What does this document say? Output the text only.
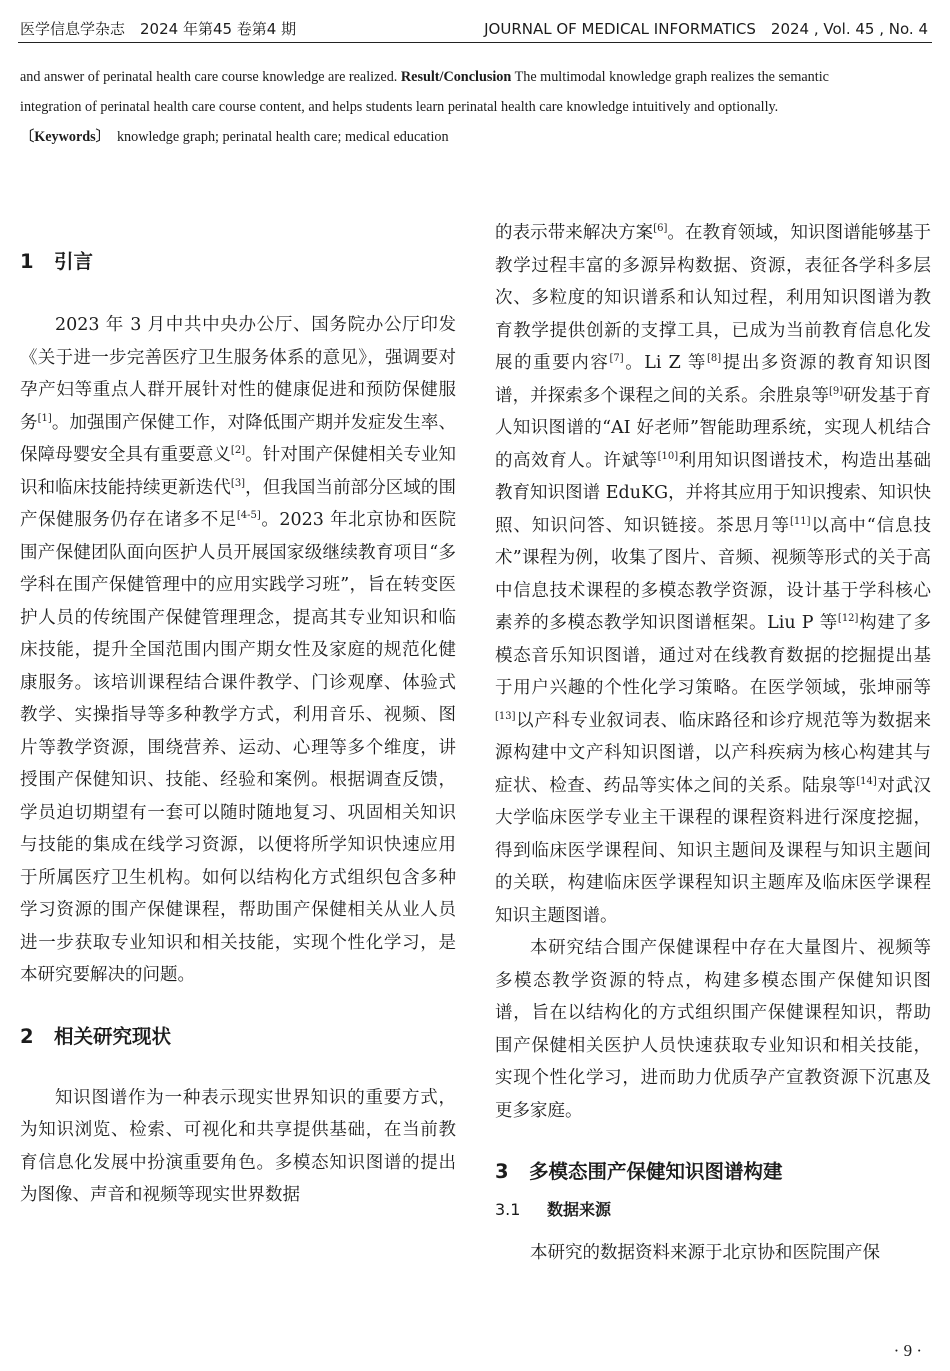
医学信息学杂志　2024 年第45 卷第4 期	JOURNAL OF MEDICAL INFORMATICS　2024 , Vol. 45 , No. 4
and answer of perinatal health care course knowledge are realized. Result/Conclusion The multimodal knowledge graph realizes the semantic
integration of perinatal health care course content, and helps students learn perinatal health care knowledge intuitively and optionally.
〔Keywords〕　knowledge graph; perinatal health care; medical education
1 引言

2023 年 3 月中共中央办公厅、国务院办公厅印发《关于进一步完善医疗卫生服务体系的意见》，强调要对孕产妇等重点人群开展针对性的健康促进和预防保健服务[1]。加强围产保健工作，对降低围产期并发症发生率、保障母婴安全具有重要意义[2]。针对围产保健相关专业知识和临床技能持续更新迭代[3]，但我国当前部分区域的围产保健服务仍存在诸多不足[4-5]。2023 年北京协和医院围产保健团队面向医护人员开展国家级继续教育项目“多学科在围产保健管理中的应用实践学习班”，旨在转变医护人员的传统围产保健管理理念，提高其专业知识和临床技能，提升全国范围内围产期女性及家庭的规范化健康服务。该培训课程结合课件教学、门诊观摩、体验式教学、实操指导等多种教学方式，利用音乐、视频、图片等教学资源，围绕营养、运动、心理等多个维度，讲授围产保健知识、技能、经验和案例。根据调查反馈，学员迫切期望有一套可以随时随地复习、巩固相关知识与技能的集成在线学习资源，以便将所学知识快速应用于所属医疗卫生机构。如何以结构化方式组织包含多种学习资源的围产保健课程，帮助围产保健相关从业人员进一步获取专业知识和相关技能，实现个性化学习，是本研究要解决的问题。

2 相关研究现状

知识图谱作为一种表示现实世界知识的重要方式，为知识浏览、检索、可视化和共享提供基础，在当前教育信息化发展中扮演重要角色。多模态知识图谱的提出为图像、声音和视频等现实世界数据

的表示带来解决方案[6]。在教育领域，知识图谱能够基于教学过程丰富的多源异构数据、资源，表征各学科多层次、多粒度的知识谱系和认知过程，利用知识图谱为教育教学提供创新的支撑工具，已成为当前教育信息化发展的重要内容[7]。Li Z 等[8]提出多资源的教育知识图谱，并探索多个课程之间的关系。余胜泉等[9]研发基于育人知识图谱的“AI 好老师”智能助理系统，实现人机结合的高效育人。许斌等[10]利用知识图谱技术，构造出基础教育知识图谱 EduKG，并将其应用于知识搜索、知识快照、知识问答、知识链接。茶思月等[11]以高中“信息技术”课程为例，收集了图片、音频、视频等形式的关于高中信息技术课程的多模态教学资源，设计基于学科核心素养的多模态教学知识图谱框架。Liu P 等[12]构建了多模态音乐知识图谱，通过对在线教育数据的挖掘提出基于用户兴趣的个性化学习策略。在医学领域，张坤丽等[13]以产科专业叙词表、临床路径和诊疗规范等为数据来源构建中文产科知识图谱，以产科疾病为核心构建其与症状、检查、药品等实体之间的关系。陆泉等[14]对武汉大学临床医学专业主干课程的课程资料进行深度挖掘，得到临床医学课程间、知识主题间及课程与知识主题间的关联，构建临床医学课程知识主题库及临床医学课程知识主题图谱。

本研究结合围产保健课程中存在大量图片、视频等多模态教学资源的特点，构建多模态围产保健知识图谱，旨在以结构化的方式组织围产保健课程知识，帮助围产保健相关医护人员快速获取专业知识和相关技能，实现个性化学习，进而助力优质孕产宣教资源下沉惠及更多家庭。

3 多模态围产保健知识图谱构建
3.1 数据来源

本研究的数据资料来源于北京协和医院围产保

· 9 ·
